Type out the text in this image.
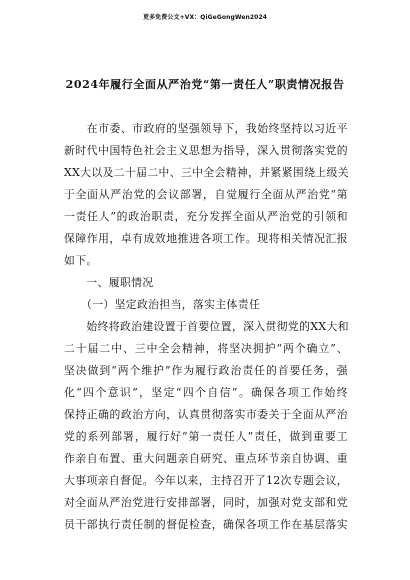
更多免费公文+VX：QiGeGongWen2024
2024年履行全面从严治党“第一责任人”职责情况报告
　　在市委、市政府的坚强领导下，我始终坚持以习近平
新时代中国特色社会主义思想为指导，深入贯彻落实党的
XX大以及二十届二中、三中全会精神，并紧紧围绕上级关
于全面从严治党的会议部署，自觉履行全面从严治党“第
一责任人”的政治职责，充分发挥全面从严治党的引领和
保障作用，卓有成效地推进各项工作。现将相关情况汇报
如下。
　　一、履职情况
　　（一）坚定政治担当，落实主体责任
　　始终将政治建设置于首要位置，深入贯彻党的XX大和
二十届二中、三中全会精神，将坚决拥护“两个确立”、
坚决做到“两个维护”作为履行政治责任的首要任务，强
化“四个意识”，坚定“四个自信”。确保各项工作始终
保持正确的政治方向，认真贯彻落实市委关于全面从严治
党的系列部署，履行好“第一责任人”责任，做到重要工
作亲自布置、重大问题亲自研究、重点环节亲自协调、重
大事项亲自督促。今年以来，主持召开了12次专题会议，
对全面从严治党进行安排部署，同时，加强对党支部和党
员干部执行责任制的督促检查，确保各项工作在基层落实
